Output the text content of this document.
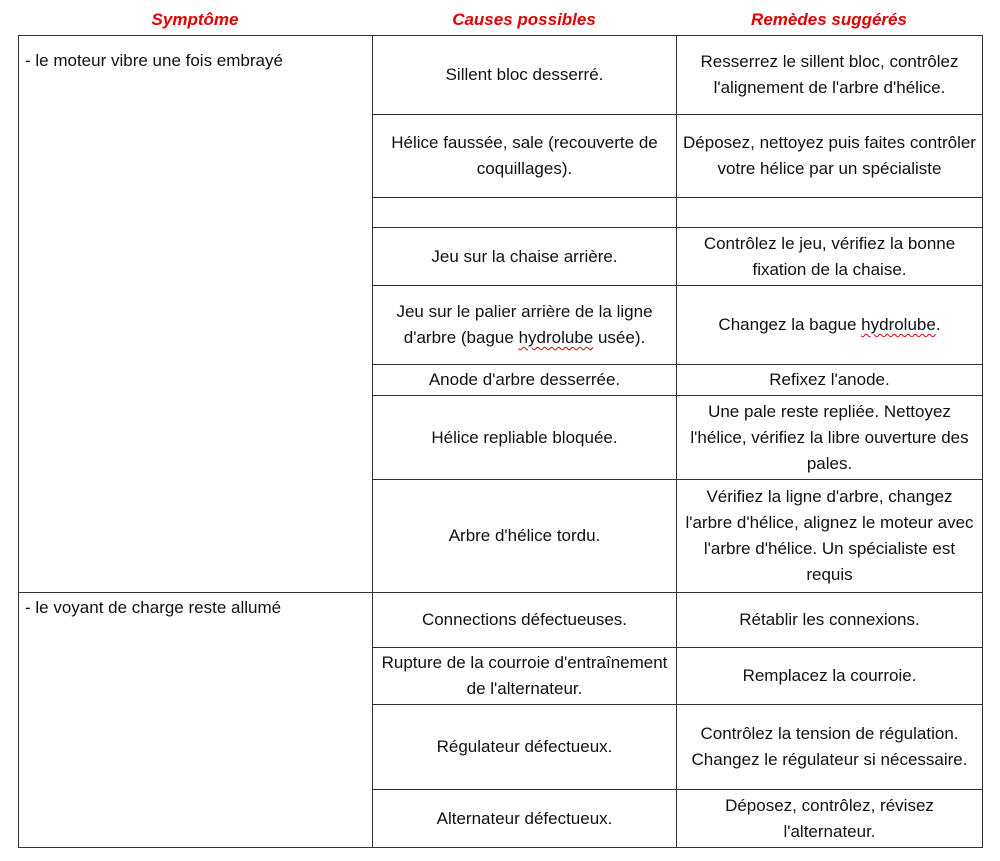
Symptôme	Causes possibles	Remèdes suggérés
- le moteur vibre une fois embrayé	Sillent bloc desserré.	Resserrez le sillent bloc, contrôlez l'alignement de l'arbre d'hélice.
	Hélice faussée, sale (recouverte de coquillages).	Déposez, nettoyez puis faites contrôler votre hélice par un spécialiste

	Jeu sur la chaise arrière.	Contrôlez le jeu, vérifiez la bonne fixation de la chaise.
	Jeu sur le palier arrière de la ligne d'arbre (bague hydrolube usée).	Changez la bague hydrolube.
	Anode d'arbre desserrée.	Refixez l'anode.
	Hélice repliable bloquée.	Une pale reste repliée. Nettoyez l'hélice, vérifiez la libre ouverture des pales.
	Arbre d'hélice tordu.	Vérifiez la ligne d'arbre, changez l'arbre d'hélice, alignez le moteur avec l'arbre d'hélice. Un spécialiste est requis
- le voyant de charge reste allumé	Connections défectueuses.	Rétablir les connexions.
	Rupture de la courroie d'entraînement de l'alternateur.	Remplacez la courroie.
	Régulateur défectueux.	Contrôlez la tension de régulation. Changez le régulateur si nécessaire.
	Alternateur défectueux.	Déposez, contrôlez, révisez l'alternateur.
